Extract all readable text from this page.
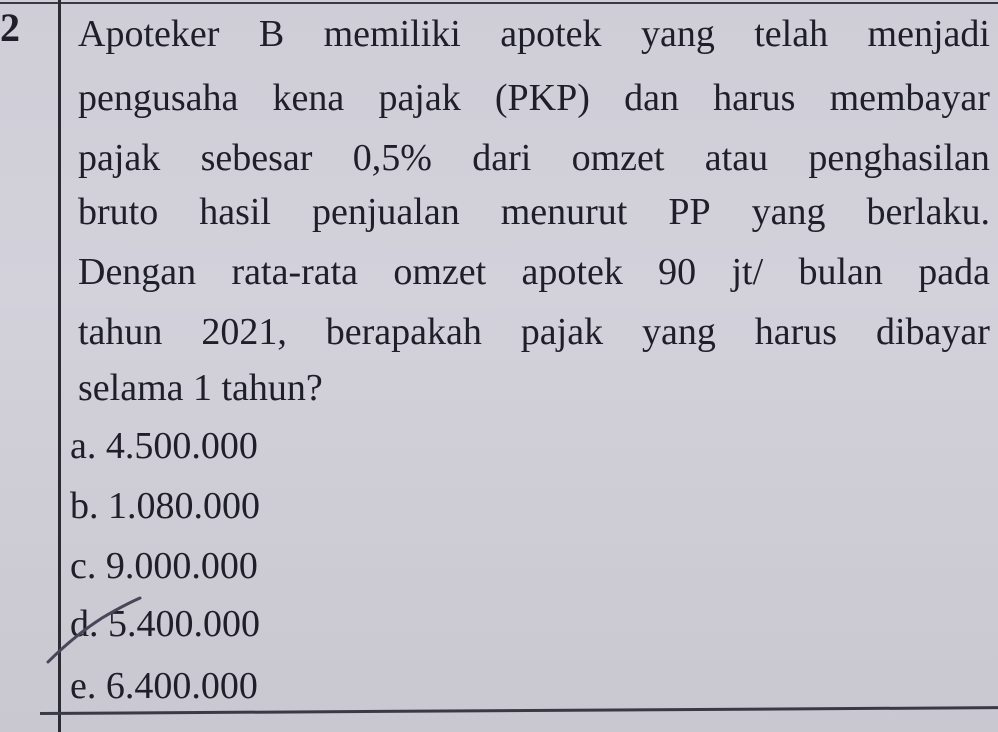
2 Apoteker B memiliki apotek yang telah menjadi
pengusaha kena pajak (PKP) dan harus membayar
pajak sebesar 0,5% dari omzet atau penghasilan
bruto hasil penjualan menurut PP yang berlaku.
Dengan rata-rata omzet apotek 90 jt/ bulan pada
tahun 2021, berapakah pajak yang harus dibayar
selama 1 tahun?
a. 4.500.000
b. 1.080.000
c. 9.000.000
d. 5.400.000
e. 6.400.000
